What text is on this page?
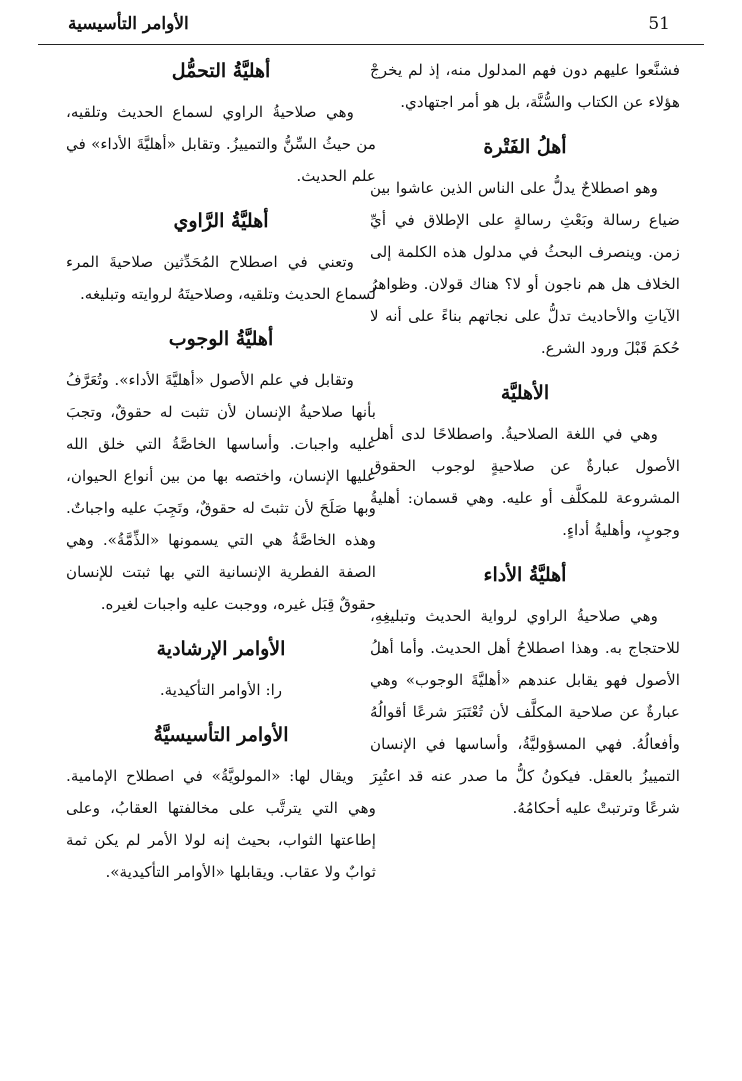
الأوامر التأسيسية	51

فشنَّعوا عليهم دون فهم المدلول منه، إذ لم يخرجْ هؤلاء عن الكتاب والسُّنَّة، بل هو أمر اجتهادي.

أهلُ الفَتْرة

وهو اصطلاحٌ يدلُّ على الناس الذين عاشوا بين ضياع رسالة وبَعْثِ رسالةٍ على الإطلاق في أيِّ زمن. وينصرف البحثُ في مدلول هذه الكلمة إلى الخلاف هل هم ناجون أو لا؟ هناك قولان. وظواهرُ الآياتِ والأحاديث تدلُّ على نجاتهم بناءً على أنه لا حُكمَ قَبْلَ ورود الشرع.

الأهليَّة

وهي في اللغة الصلاحيةُ. واصطلاحًا لدى أهل الأصول عبارةٌ عن صلاحيةٍ لوجوب الحقوق المشروعة للمكلَّف أو عليه. وهي قسمان: أهليةُ وجوبٍ، وأهليةُ أداءٍ.

أهليَّةُ الأداء

وهي صلاحيةُ الراوي لرواية الحديث وتبليغِهِ، للاحتجاج به. وهذا اصطلاحُ أهل الحديث. وأما أهلُ الأصول فهو يقابل عندهم «أهليَّةَ الوجوب» وهي عبارةٌ عن صلاحية المكلَّف لأن تُعْتَبَرَ شرعًا أقوالُهُ وأفعالُهُ. فهي المسؤوليَّةُ، وأساسها في الإنسان التمييزُ بالعقل. فيكونُ كلُّ ما صدر عنه قد اعتُبِرَ شرعًا وترتبتْ عليه أحكامُهُ.

أهليَّةُ التحمُّل

وهي صلاحيةُ الراوي لسماع الحديث وتلقيه، من حيثُ السِّنُّ والتمييزُ. وتقابل «أهليَّةَ الأداء» في علم الحديث.

أهليَّةُ الرَّاوي

وتعني في اصطلاح المُحَدِّثين صلاحيةَ المرء لسماع الحديث وتلقيه، وصلاحيتَهُ لروايته وتبليغه.

أهليَّةُ الوجوب

وتقابل في علم الأصول «أهليَّةَ الأداء». وتُعَرَّفُ بأنها صلاحيةُ الإنسان لأن تثبت له حقوقٌ، وتجبَ عليه واجبات. وأساسها الخاصَّةُ التي خلق الله عليها الإنسان، واختصه بها من بين أنواع الحيوان، وبها صَلَحَ لأن تثبتَ له حقوقٌ، وتَجِبَ عليه واجباتٌ. وهذه الخاصَّةُ هي التي يسمونها «الذِّمَّةُ». وهي الصفة الفطرية الإنسانية التي بها ثبتت للإنسان حقوقٌ قِبَل غيره، ووجبت عليه واجبات لغيره.

الأوامر الإرشادية

را: الأوامر التأكيدية.

الأوامر التأسيسيَّةُ

ويقال لها: «المولويَّةُ» في اصطلاح الإمامية. وهي التي يترتَّب على مخالفتها العقابُ، وعلى إطاعتها الثواب، بحيث إنه لولا الأمر لم يكن ثمة ثوابٌ ولا عقاب. ويقابلها «الأوامر التأكيدية».
